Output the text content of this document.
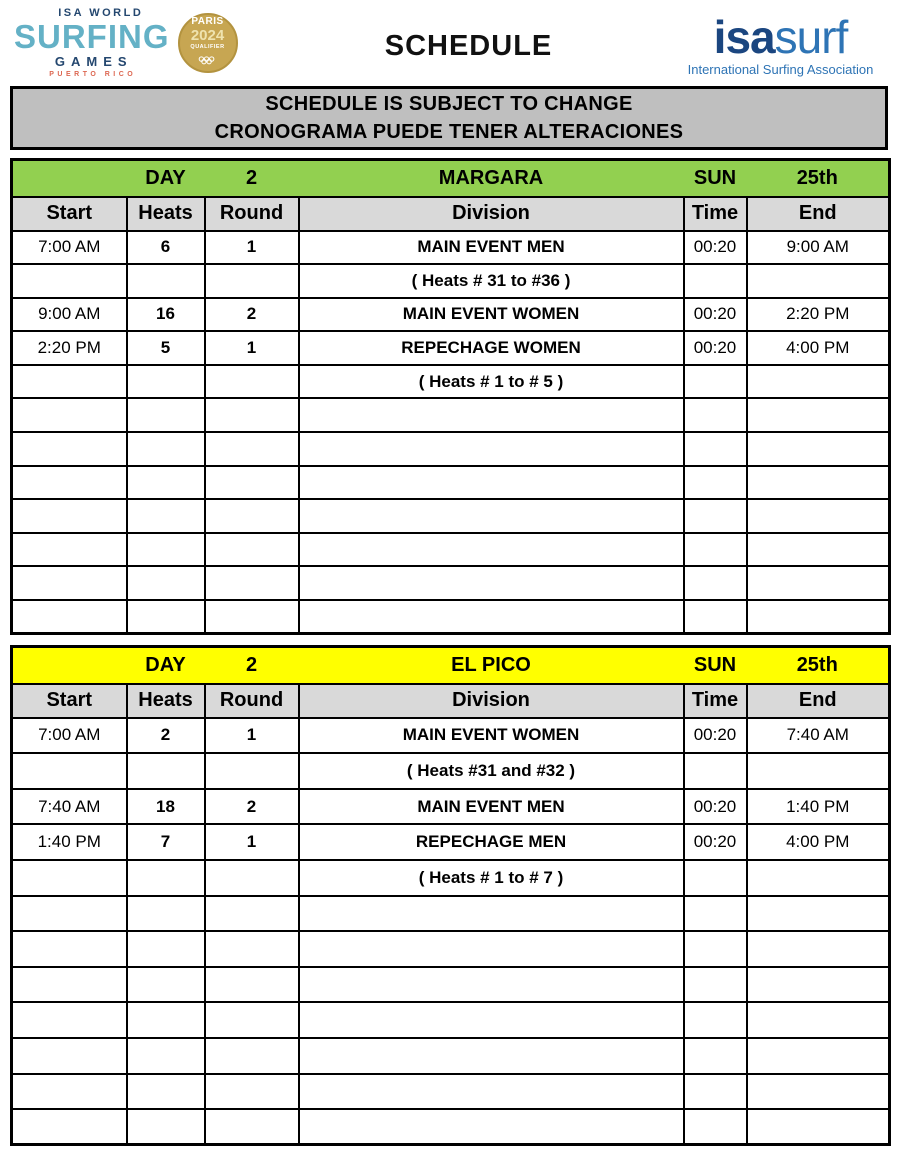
ISA WORLD
SURFING
GAMES
PUERTO RICO
PARIS
2024
QUALIFIER	SCHEDULE	isasurf
International Surfing Association
SCHEDULE IS SUBJECT TO CHANGE
CRONOGRAMA PUEDE TENER ALTERACIONES
	DAY	2	MARGARA	SUN	25th
Start	Heats	Round	Division	Time	End
7:00 AM	6	1	MAIN EVENT MEN	00:20	9:00 AM
			( Heats # 31 to #36 )		
9:00 AM	16	2	MAIN EVENT WOMEN	00:20	2:20 PM
2:20 PM	5	1	REPECHAGE WOMEN	00:20	4:00 PM
			( Heats # 1 to # 5 )		

	DAY	2	EL PICO	SUN	25th
Start	Heats	Round	Division	Time	End
7:00 AM	2	1	MAIN EVENT WOMEN	00:20	7:40 AM
			( Heats #31 and #32 )		
7:40 AM	18	2	MAIN EVENT MEN	00:20	1:40 PM
1:40 PM	7	1	REPECHAGE MEN	00:20	4:00 PM
			( Heats # 1 to # 7 )		
